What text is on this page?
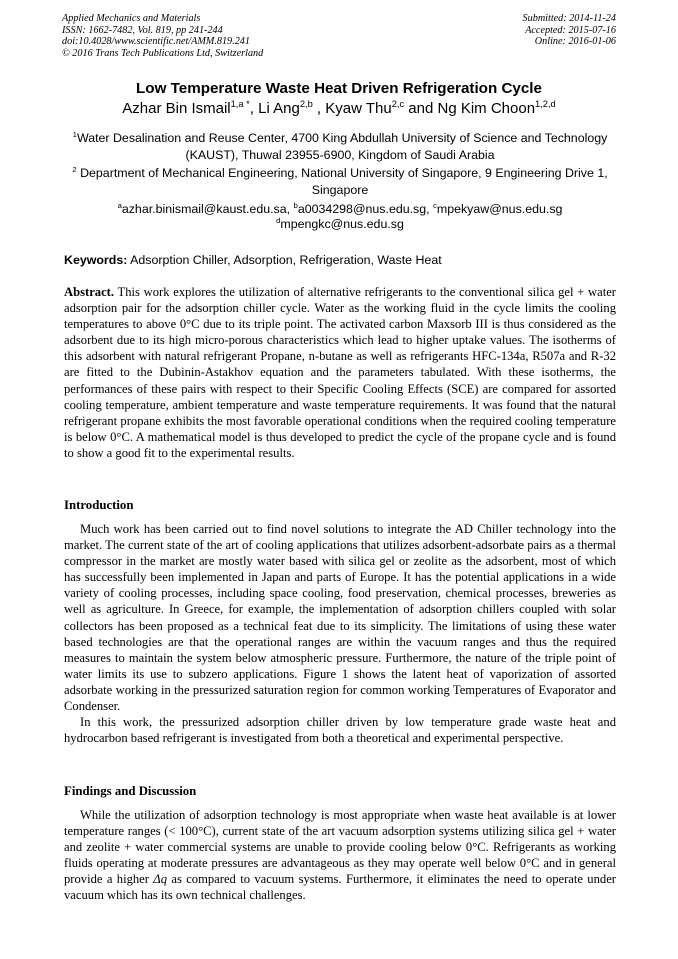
Applied Mechanics and Materials
ISSN: 1662-7482, Vol. 819, pp 241-244
doi:10.4028/www.scientific.net/AMM.819.241
© 2016 Trans Tech Publications Ltd, Switzerland
Submitted: 2014-11-24
Accepted: 2015-07-16
Online: 2016-01-06
Low Temperature Waste Heat Driven Refrigeration Cycle
Azhar Bin Ismail$^{1,a *}$, Li Ang$^{2,b}$ , Kyaw Thu$^{2,c}$ and Ng Kim Choon$^{1,2,d}$
$^1$Water Desalination and Reuse Center, 4700 King Abdullah University of Science and Technology (KAUST), Thuwal 23955-6900, Kingdom of Saudi Arabia
$^2$ Department of Mechanical Engineering, National University of Singapore, 9 Engineering Drive 1, Singapore
$^a$azhar.binismail@kaust.edu.sa, $^b$a0034298@nus.edu.sg, $^c$mpekyaw@nus.edu.sg
$^d$mpengkc@nus.edu.sg
Keywords: Adsorption Chiller, Adsorption, Refrigeration, Waste Heat
Abstract. This work explores the utilization of alternative refrigerants to the conventional silica gel + water adsorption pair for the adsorption chiller cycle. Water as the working fluid in the cycle limits the cooling temperatures to above 0°C due to its triple point. The activated carbon Maxsorb III is thus considered as the adsorbent due to its high micro-porous characteristics which lead to higher uptake values. The isotherms of this adsorbent with natural refrigerant Propane, n-butane as well as refrigerants HFC-134a, R507a and R-32 are fitted to the Dubinin-Astakhov equation and the parameters tabulated. With these isotherms, the performances of these pairs with respect to their Specific Cooling Effects (SCE) are compared for assorted cooling temperature, ambient temperature and waste temperature requirements. It was found that the natural refrigerant propane exhibits the most favorable operational conditions when the required cooling temperature is below 0°C. A mathematical model is thus developed to predict the cycle of the propane cycle and is found to show a good fit to the experimental results.
Introduction

Much work has been carried out to find novel solutions to integrate the AD Chiller technology into the market. The current state of the art of cooling applications that utilizes adsorbent-adsorbate pairs as a thermal compressor in the market are mostly water based with silica gel or zeolite as the adsorbent, most of which has successfully been implemented in Japan and parts of Europe. It has the potential applications in a wide variety of cooling processes, including space cooling, food preservation, chemical processes, breweries as well as agriculture. In Greece, for example, the implementation of adsorption chillers coupled with solar collectors has been proposed as a technical feat due to its simplicity. The limitations of using these water based technologies are that the operational ranges are within the vacuum ranges and thus the required measures to maintain the system below atmospheric pressure. Furthermore, the nature of the triple point of water limits its use to subzero applications. Figure 1 shows the latent heat of vaporization of assorted adsorbate working in the pressurized saturation region for common working Temperatures of Evaporator and Condenser.

In this work, the pressurized adsorption chiller driven by low temperature grade waste heat and hydrocarbon based refrigerant is investigated from both a theoretical and experimental perspective.

Findings and Discussion

While the utilization of adsorption technology is most appropriate when waste heat available is at lower temperature ranges (< 100°C), current state of the art vacuum adsorption systems utilizing silica gel + water and zeolite + water commercial systems are unable to provide cooling below 0°C. Refrigerants as working fluids operating at moderate pressures are advantageous as they may operate well below 0°C and in general provide a higher Δq as compared to vacuum systems. Furthermore, it eliminates the need to operate under vacuum which has its own technical challenges.
